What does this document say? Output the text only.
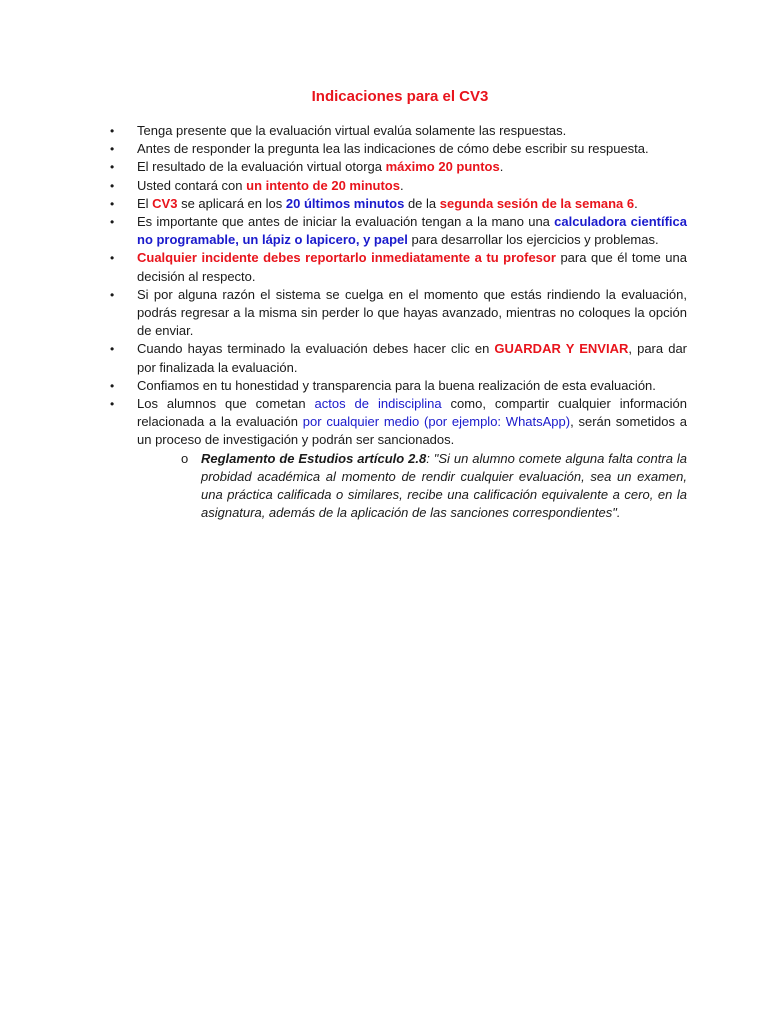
Indicaciones para el CV3
• Tenga presente que la evaluación virtual evalúa solamente las respuestas.
• Antes de responder la pregunta lea las indicaciones de cómo debe escribir su respuesta.
• El resultado de la evaluación virtual otorga máximo 20 puntos.
• Usted contará con un intento de 20 minutos.
• El CV3 se aplicará en los 20 últimos minutos de la segunda sesión de la semana 6.
• Es importante que antes de iniciar la evaluación tengan a la mano una calculadora científica no programable, un lápiz o lapicero, y papel para desarrollar los ejercicios y problemas.
• Cualquier incidente debes reportarlo inmediatamente a tu profesor para que él tome una decisión al respecto.
• Si por alguna razón el sistema se cuelga en el momento que estás rindiendo la evaluación, podrás regresar a la misma sin perder lo que hayas avanzado, mientras no coloques la opción de enviar.
• Cuando hayas terminado la evaluación debes hacer clic en GUARDAR Y ENVIAR, para dar por finalizada la evaluación.
• Confiamos en tu honestidad y transparencia para la buena realización de esta evaluación.
• Los alumnos que cometan actos de indisciplina como, compartir cualquier información relacionada a la evaluación por cualquier medio (por ejemplo: WhatsApp), serán sometidos a un proceso de investigación y podrán ser sancionados.
o Reglamento de Estudios artículo 2.8: "Si un alumno comete alguna falta contra la probidad académica al momento de rendir cualquier evaluación, sea un examen, una práctica calificada o similares, recibe una calificación equivalente a cero, en la asignatura, además de la aplicación de las sanciones correspondientes".
